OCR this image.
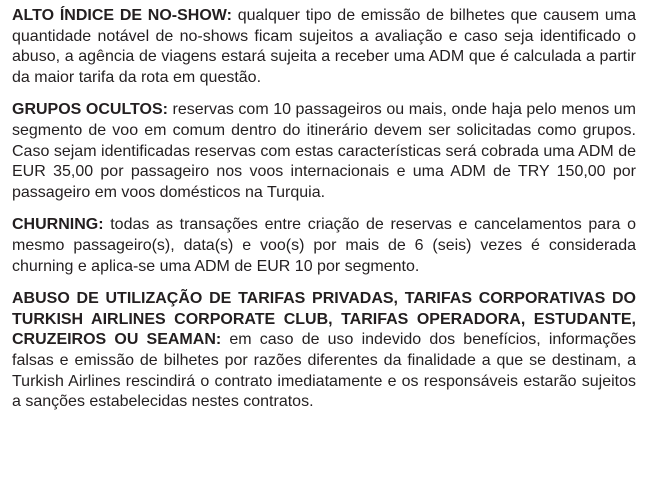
ALTO ÍNDICE DE NO-SHOW: qualquer tipo de emissão de bilhetes que causem uma quantidade notável de no-shows ficam sujeitos a avaliação e caso seja identificado o abuso, a agência de viagens estará sujeita a receber uma ADM que é calculada a partir da maior tarifa da rota em questão.

GRUPOS OCULTOS: reservas com 10 passageiros ou mais, onde haja pelo menos um segmento de voo em comum dentro do itinerário devem ser solicitadas como grupos. Caso sejam identificadas reservas com estas características será cobrada uma ADM de EUR 35,00 por passageiro nos voos internacionais e uma ADM de TRY 150,00 por passageiro em voos domésticos na Turquia.

CHURNING: todas as transações entre criação de reservas e cancelamentos para o mesmo passageiro(s), data(s) e voo(s) por mais de 6 (seis) vezes é considerada churning e aplica-se uma ADM de EUR 10 por segmento.

ABUSO DE UTILIZAÇÃO DE TARIFAS PRIVADAS, TARIFAS CORPORATIVAS DO TURKISH AIRLINES CORPORATE CLUB, TARIFAS OPERADORA, ESTUDANTE, CRUZEIROS OU SEAMAN: em caso de uso indevido dos benefícios, informações falsas e emissão de bilhetes por razões diferentes da finalidade a que se destinam, a Turkish Airlines rescindirá o contrato imediatamente e os responsáveis estarão sujeitos a sanções estabelecidas nestes contratos.
